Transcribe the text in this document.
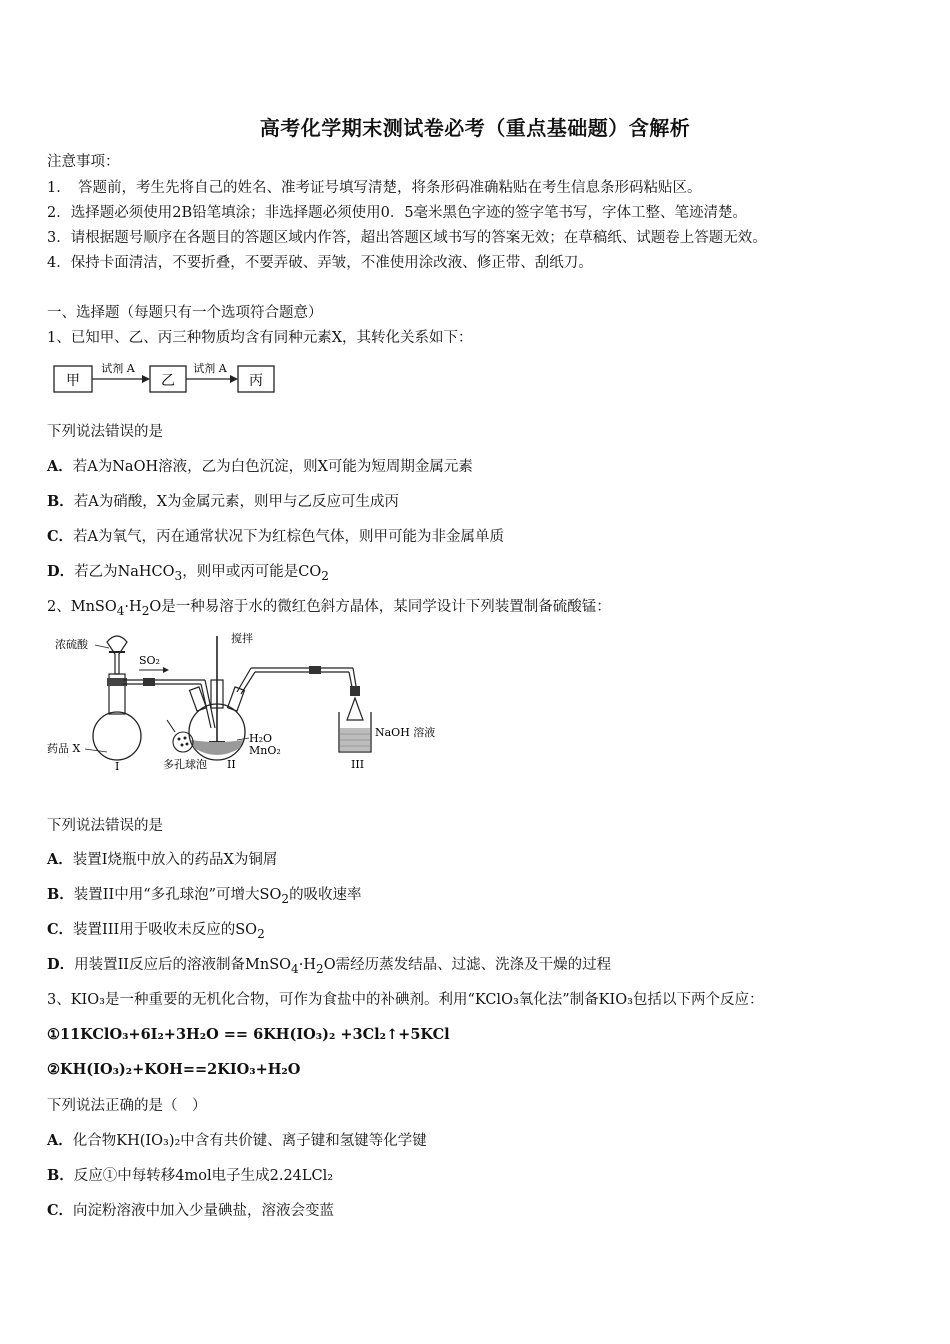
高考化学期末测试卷必考（重点基础题）含解析
注意事项：
1．　答题前，考生先将自己的姓名、准考证号填写清楚，将条形码准确粘贴在考生信息条形码粘贴区。
2．选择题必须使用2B铅笔填涂；非选择题必须使用0．5毫米黑色字迹的签字笔书写，字体工整、笔迹清楚。
3．请根据题号顺序在各题目的答题区域内作答，超出答题区域书写的答案无效；在草稿纸、试题卷上答题无效。
4．保持卡面清洁，不要折叠，不要弄破、弄皱，不准使用涂改液、修正带、刮纸刀。
一、选择题（每题只有一个选项符合题意）
1、已知甲、乙、丙三种物质均含有同种元素X，其转化关系如下：
甲
试剂 A
乙
试剂 A
丙
下列说法错误的是
A．若A为NaOH溶液，乙为白色沉淀，则X可能为短周期金属元素
B．若A为硝酸，X为金属元素，则甲与乙反应可生成丙
C．若A为氧气，丙在通常状况下为红棕色气体，则甲可能为非金属单质
D．若乙为NaHCO$_3$，则甲或丙可能是$CO_2$
2、$MnSO_4\cdot H_2O$是一种易溶于水的微红色斜方晶体，某同学设计下列装置制备硫酸锰：
浓硫酸
SO₂
药品 X
I
搅拌
H₂O
MnO₂
多孔球泡 II
NaOH 溶液
III
下列说法错误的是
A．装置I烧瓶中放入的药品X为铜屑
B．装置II中用“多孔球泡”可增大$SO_2$的吸收速率
C．装置III用于吸收未反应的$SO_2$
D．用装置II反应后的溶液制备$MnSO_4\cdot H_2O$需经历蒸发结晶、过滤、洗涤及干燥的过程
3、KIO₃是一种重要的无机化合物，可作为食盐中的补碘剂。利用“KClO₃氧化法”制备KIO₃包括以下两个反应：
①11KClO₃+6I₂+3H₂O == 6KH(IO₃)₂ +3Cl₂↑+5KCl
②KH(IO₃)₂+KOH==2KIO₃+H₂O
下列说法正确的是（　）
A．化合物KH(IO₃)₂中含有共价键、离子键和氢键等化学键
B．反应①中每转移4mol电子生成2.24LCl₂
C．向淀粉溶液中加入少量碘盐，溶液会变蓝
